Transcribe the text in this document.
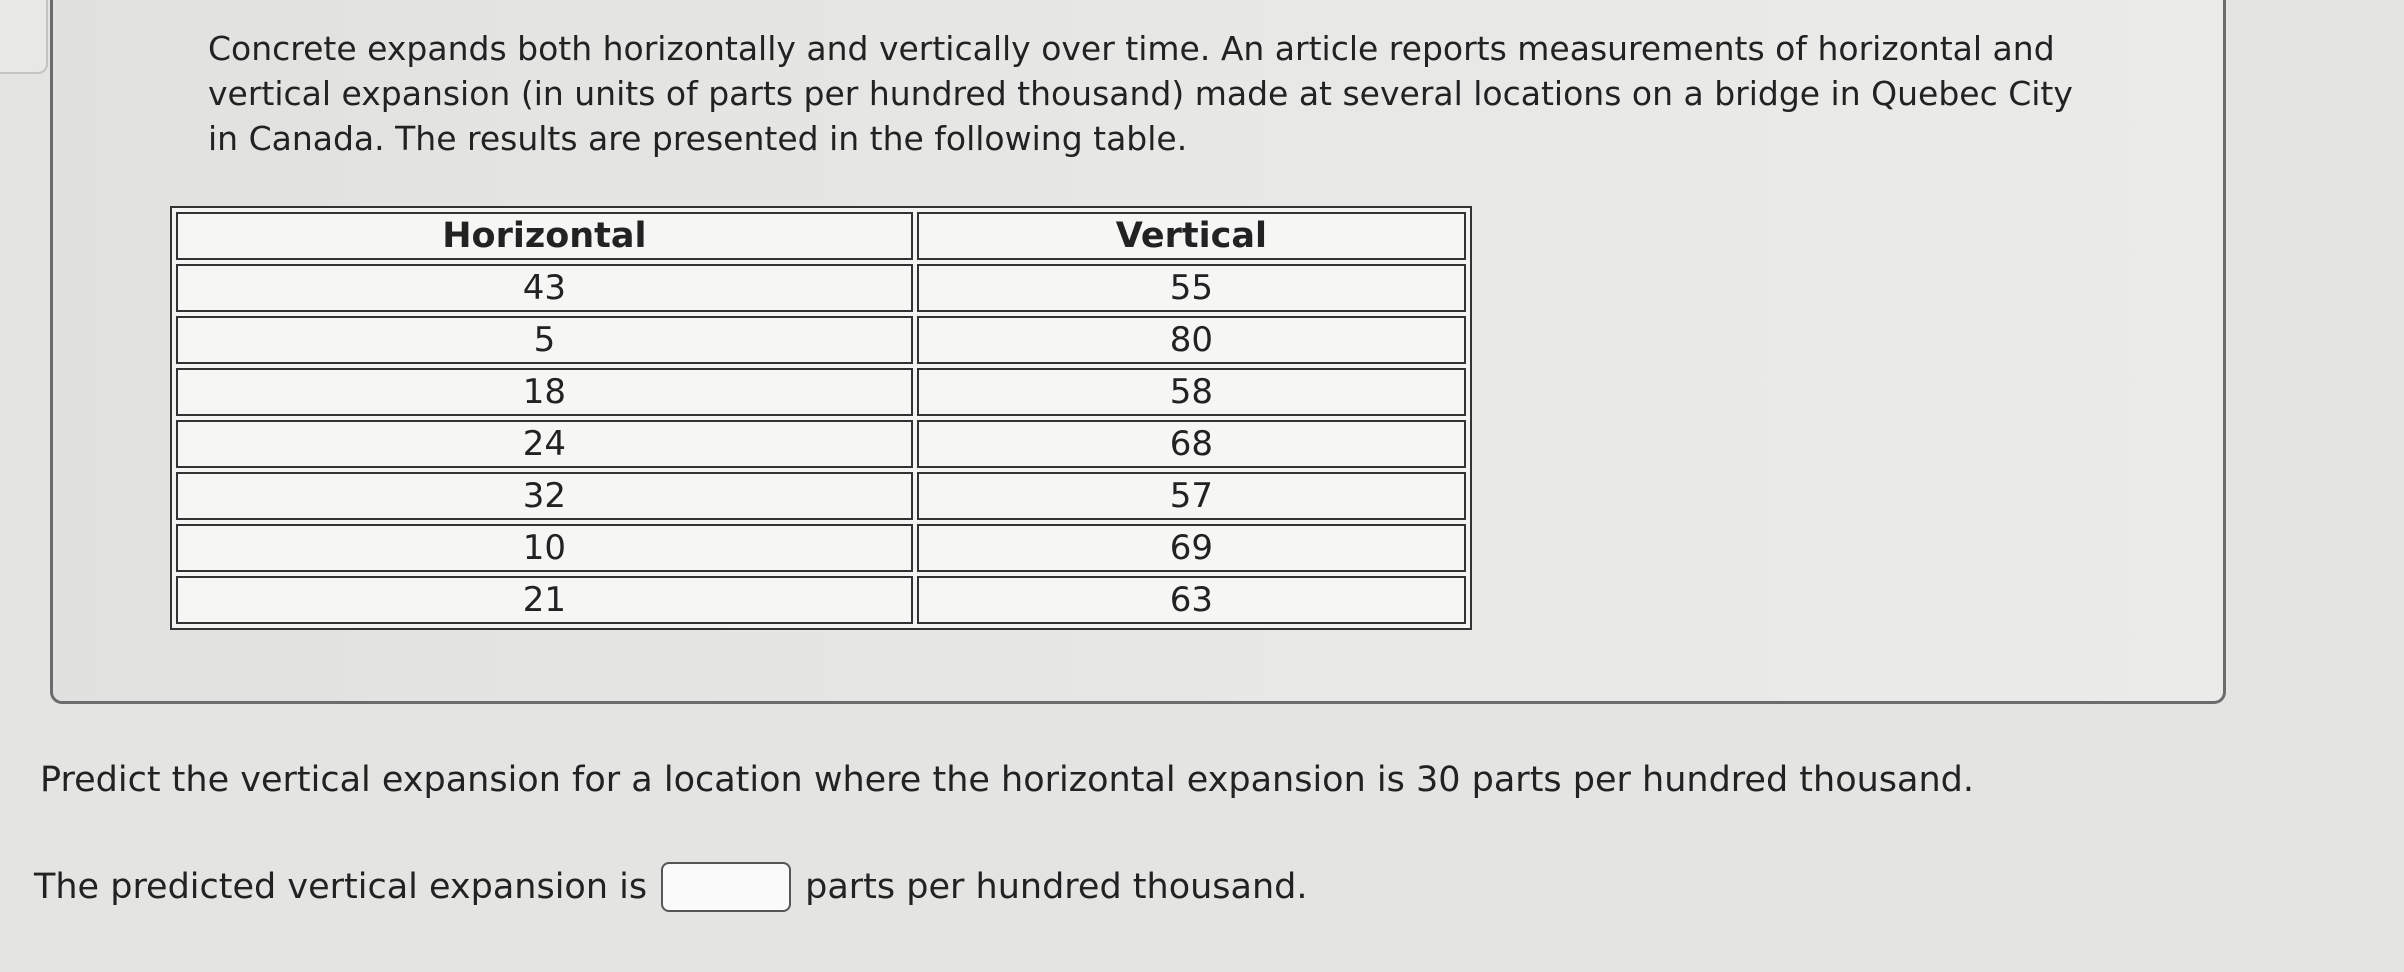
Concrete expands both horizontally and vertically over time. An article reports measurements of horizontal and vertical expansion (in units of parts per hundred thousand) made at several locations on a bridge in Quebec City in Canada. The results are presented in the following table.

Horizontal	Vertical
43	55
5	80
18	58
24	68
32	57
10	69
21	63

Predict the vertical expansion for a location where the horizontal expansion is 30 parts per hundred thousand.

The predicted vertical expansion is	parts per hundred thousand.
